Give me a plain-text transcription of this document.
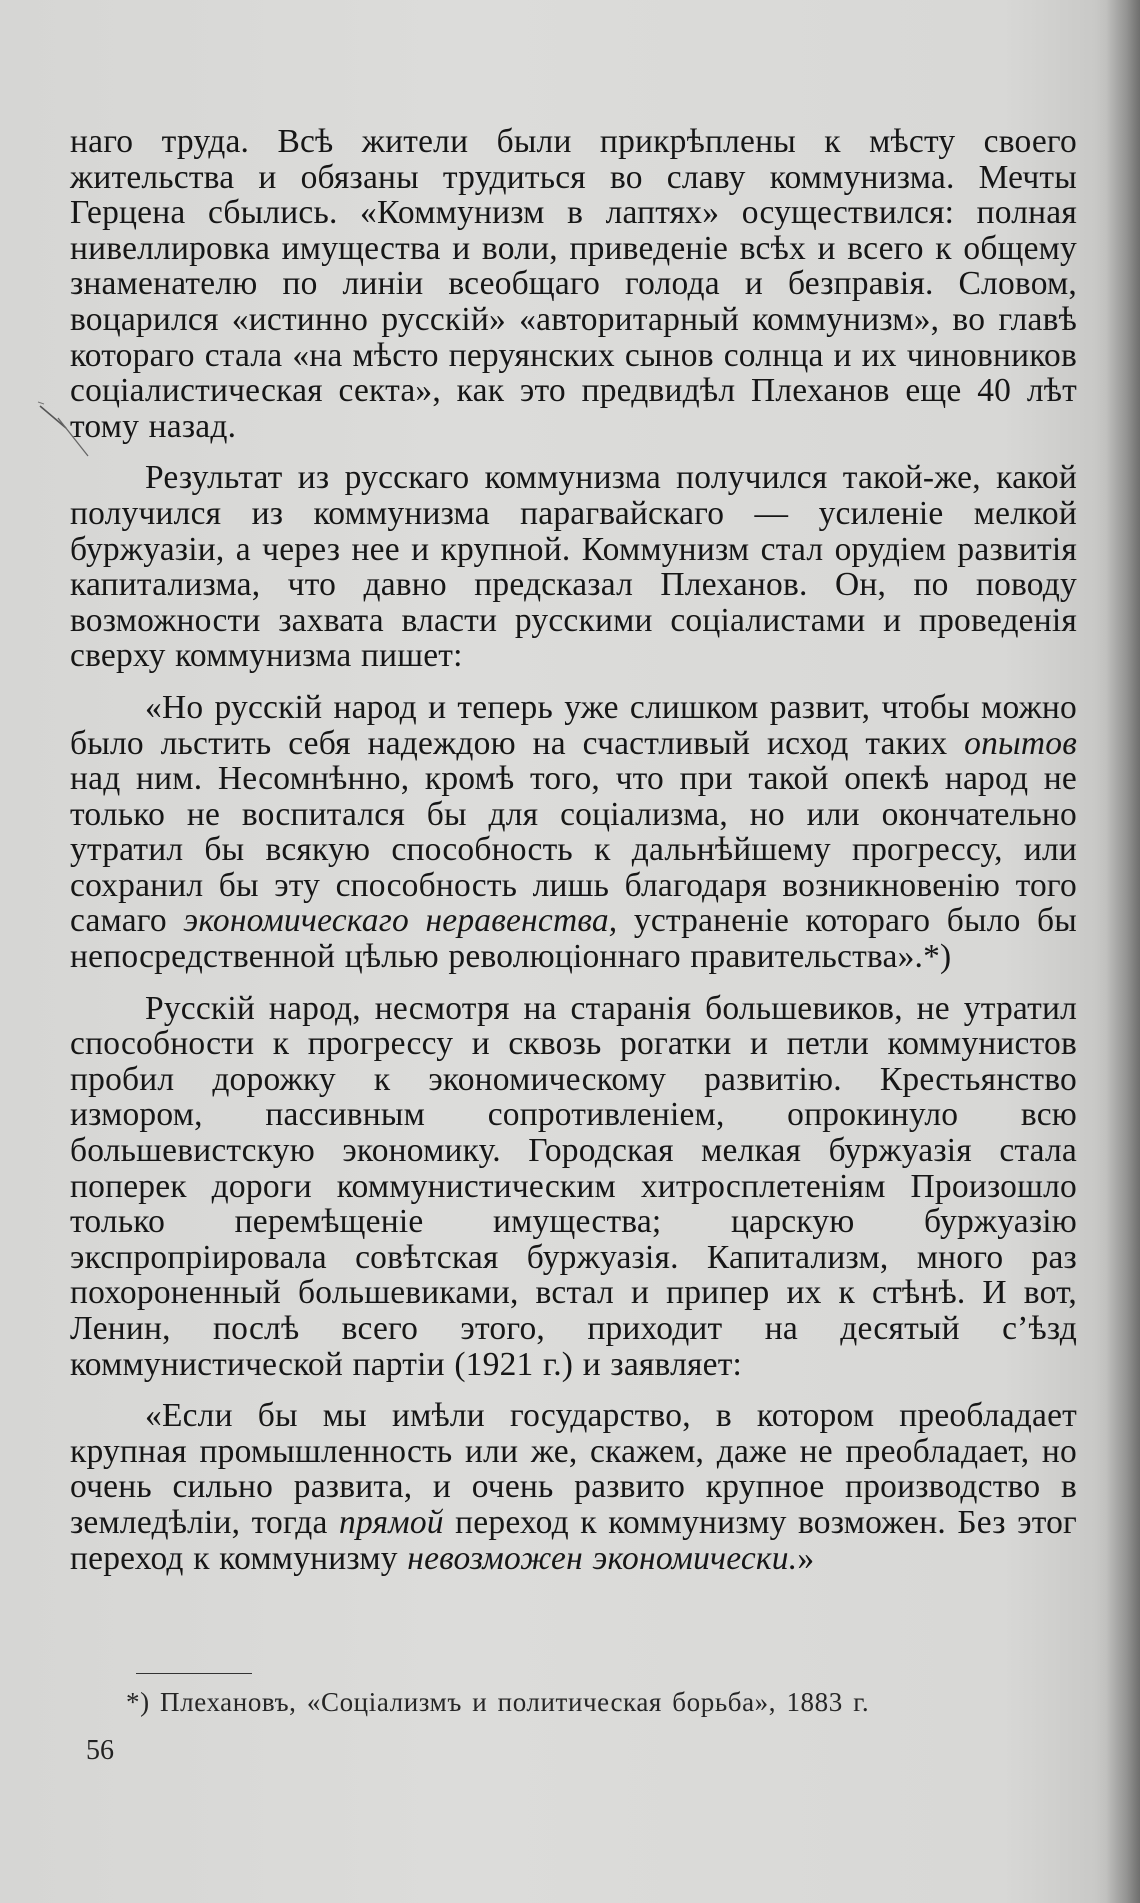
наго труда. Всѣ жители были прикрѣплены к мѣсту своего жительства и обязаны трудиться во славу коммунизма. Мечты Герцена сбылись. «Коммунизм в лаптях» осуществился: полная нивеллировка имущества и воли, приведенiе всѣх и всего к общему знаменателю по линiи всеобщаго голода и безправiя. Словом, воцарился «истинно русскiй» «авторитарный коммунизм», во главѣ котораго стала «на мѣсто перуянских сынов солнца и их чиновников соцiалистическая секта», как это предвидѣл Плеханов еще 40 лѣт тому назад.

Результат из русскаго коммунизма получился такой-же, какой получился из коммунизма парагвайскаго — усиленiе мелкой буржуазiи, а через нее и крупной. Коммунизм стал орудiем развитiя капитализма, что давно предсказал Плеханов. Он, по поводу возможности захвата власти русскими соцiалистами и проведенiя сверху коммунизма пишет:

«Но русскiй народ и теперь уже слишком развит, чтобы можно было льстить себя надеждою на счастливый исход таких опытов над ним. Несомнѣнно, кромѣ того, что при такой опекѣ народ не только не воспитался бы для соцiализма, но или окончательно утратил бы всякую способность к дальнѣйшему прогрессу, или сохранил бы эту способность лишь благодаря возникновенiю того самаго экономическаго неравенства, устраненiе котораго было бы непосредственной цѣлью революцiоннаго правительства».*)

Русскiй народ, несмотря на старанiя большевиков, не утратил способности к прогрессу и сквозь рогатки и петли коммунистов пробил дорожку к экономическому развитiю. Крестьянство измором, пассивным сопротивленiем, опрокинуло всю большевистскую экономику. Городская мелкая буржуазiя стала поперек дороги коммунистическим хитросплетенiям Произошло только перемѣщенiе имущества; царскую буржуазiю экспропрiировала совѣтская буржуазiя. Капитализм, много раз похороненный большевиками, встал и припер их к стѣнѣ. И вот, Ленин, послѣ всего этого, приходит на десятый с’ѣзд коммунистической партiи (1921 г.) и заявляет:

«Если бы мы имѣли государство, в котором преобладает крупная промышленность или же, скажем, даже не преобладает, но очень сильно развита, и очень развито крупное производство в земледѣлiи, тогда прямой переход к коммунизму возможен. Без этог переход к коммунизму невозможен экономически.»

*) Плехановъ, «Соцiализмъ и политическая борьба», 1883 г.
56
